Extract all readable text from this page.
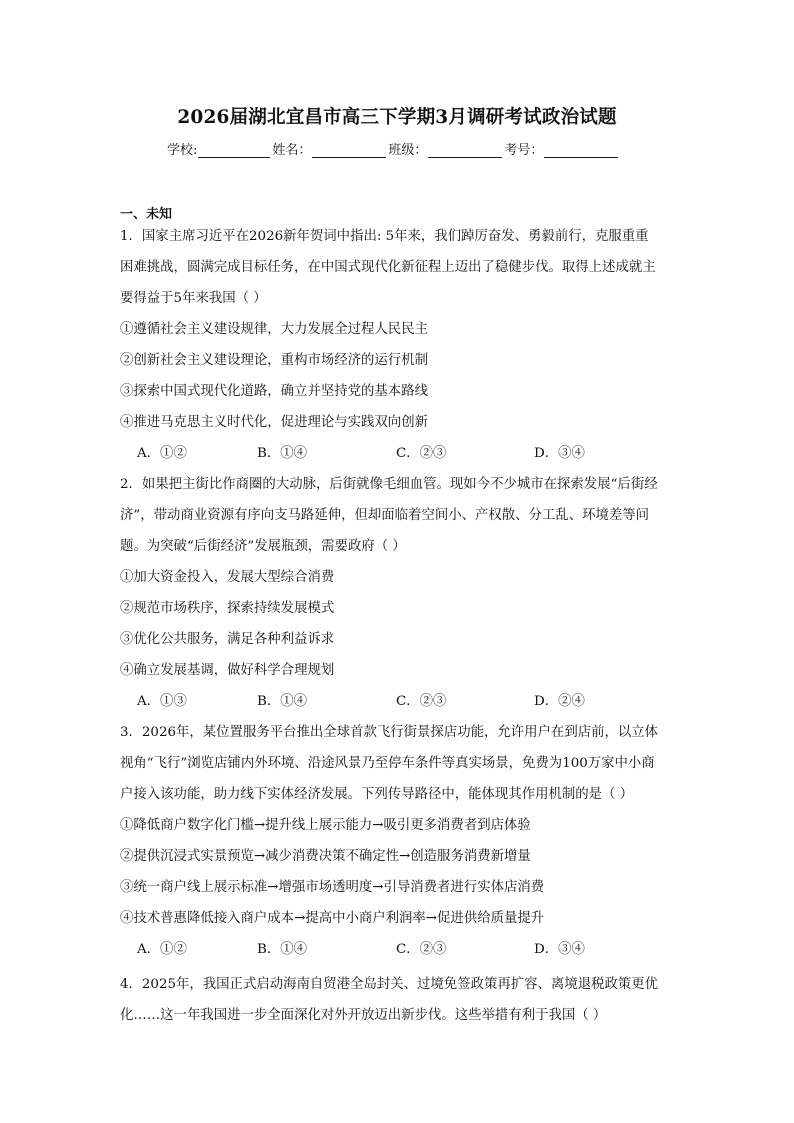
2026届湖北宜昌市高三下学期3月调研考试政治试题
学校:	姓名：	班级：	考号：
一、未知
1．国家主席习近平在2026新年贺词中指出: 5年来，我们踔厉奋发、勇毅前行，克服重重
困难挑战，圆满完成目标任务，在中国式现代化新征程上迈出了稳健步伐。取得上述成就主
要得益于5年来我国（ ）
①遵循社会主义建设规律，大力发展全过程人民民主
②创新社会主义建设理论，重构市场经济的运行机制
③探索中国式现代化道路，确立并坚持党的基本路线
④推进马克思主义时代化，促进理论与实践双向创新
A．①②	B．①④	C．②③	D．③④
2．如果把主街比作商圈的大动脉，后街就像毛细血管。现如今不少城市在探索发展“后街经
济”，带动商业资源有序向支马路延伸，但却面临着空间小、产权散、分工乱、环境差等问
题。为突破“后街经济”发展瓶颈，需要政府（ ）
①加大资金投入，发展大型综合消费
②规范市场秩序，探索持续发展模式
③优化公共服务，满足各种利益诉求
④确立发展基调，做好科学合理规划
A．①③	B．①④	C．②③	D．②④
3．2026年，某位置服务平台推出全球首款飞行街景探店功能，允许用户在到店前，以立体
视角“飞行”浏览店铺内外环境、沿途风景乃至停车条件等真实场景，免费为100万家中小商
户接入该功能，助力线下实体经济发展。下列传导路径中，能体现其作用机制的是（ ）
①降低商户数字化门槛→提升线上展示能力→吸引更多消费者到店体验
②提供沉浸式实景预览→减少消费决策不确定性→创造服务消费新增量
③统一商户线上展示标准→增强市场透明度→引导消费者进行实体店消费
④技术普惠降低接入商户成本→提高中小商户利润率→促进供给质量提升
A．①②	B．①④	C．②③	D．③④
4．2025年，我国正式启动海南自贸港全岛封关、过境免签政策再扩容、离境退税政策更优
化……这一年我国进一步全面深化对外开放迈出新步伐。这些举措有利于我国（ ）
